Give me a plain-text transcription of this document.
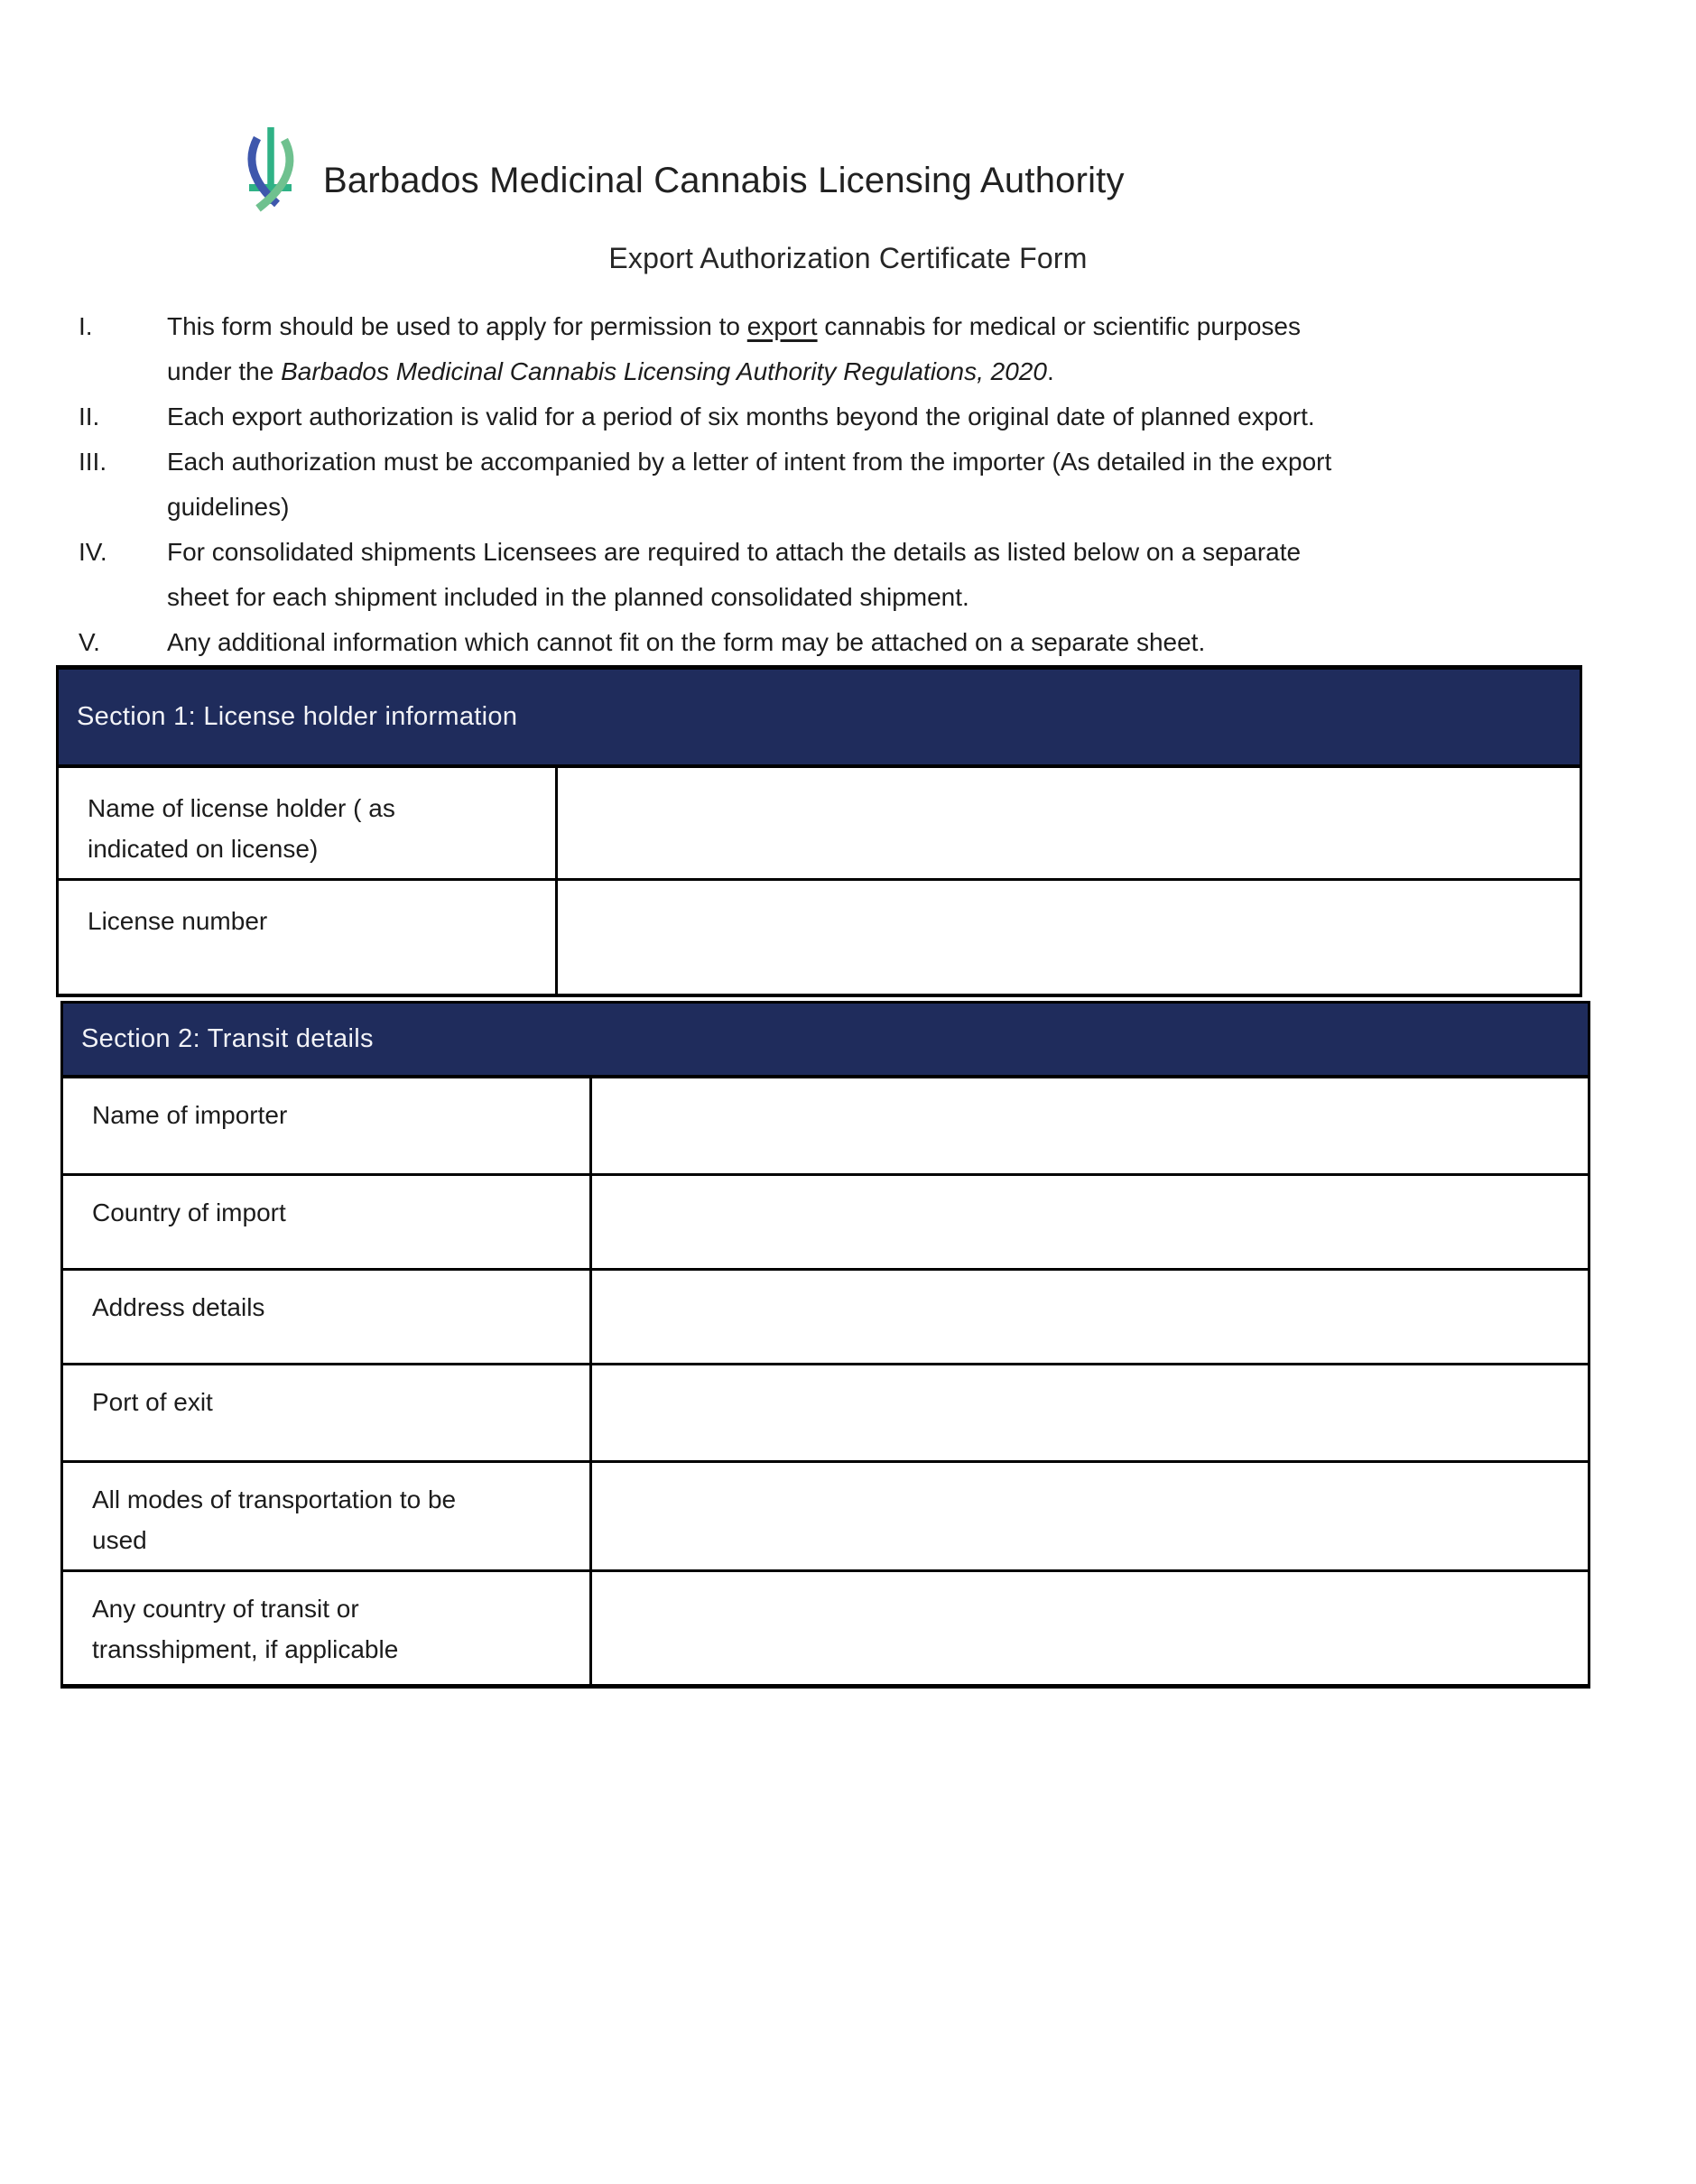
Barbados Medicinal Cannabis Licensing Authority
Export Authorization Certificate Form
I.	This form should be used to apply for permission to export cannabis for medical or scientific purposes
under the Barbados Medicinal Cannabis Licensing Authority Regulations, 2020.
II.	Each export authorization is valid for a period of six months beyond the original date of planned export.
III.	Each authorization must be accompanied by a letter of intent from the importer (As detailed in the export
guidelines)
IV.	For consolidated shipments Licensees are required to attach the details as listed below on a separate
sheet for each shipment included in the planned consolidated shipment.
V.	Any additional information which cannot fit on the form may be attached on a separate sheet.
Section 1: License holder information
Name of license holder ( as
indicated on license)	

License number	

Section 2: Transit details
Name of importer	

Country of import	

Address details	

Port of exit	

All modes of transportation to be
used	

Any country of transit or
transshipment, if applicable	
